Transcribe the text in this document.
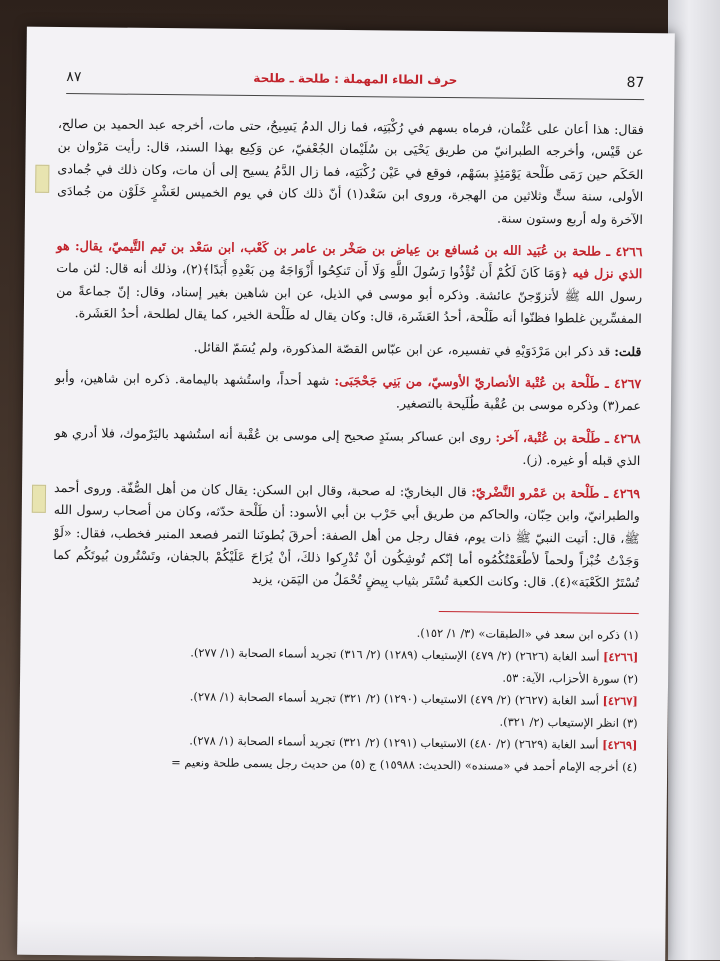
87
حرف الطاء المهملة : طلحة ـ طلحة
٨٧

فقال: هذا أعان على عُثْمان، فرماه بسهم في رُكْبَتِه، فما زال الدمُ يَسِيحُ، حتى مات، أخرجه عبد الحميد بن صالح، عن قَيْس، وأخرجه الطبرانيّ من طريق يَحْيَى بن سُلَيْمان الجُعْفيّ، عن وَكِيع بهذا السند، قال: رأيت مَرْوان بن الحَكَم حين رَمَى طَلْحة يَوْمَئِذٍ بسَهْم، فوقع في عَيْن رُكْبَتِه، فما زال الدَّمُ يسيح إلى أن مات، وكان ذلك في جُمادى الأولى، سنة ستٍّ وثلاثين من الهجرة، وروى ابن سَعْد(١) أنّ ذلك كان في يوم الخميس لعَشْرٍ خَلَوْن من جُمادَى الآخرة وله أربع وستون سنة.

٤٢٦٦ ـ طلحة بن عُبَيد الله بن مُسافع بن عِياض بن صَخْر بن عامر بن كَعْب، ابن سَعْد بن تَيم التَّيميّ، يقال: هو الذي نزل فيه ﴿وَمَا كَانَ لَكُمْ أَن تُؤْذُوا رَسُولَ اللَّهِ وَلَا أَن تَنكِحُوا أَزْوَاجَهُ مِن بَعْدِهِ أَبَدًا﴾(٢)، وذلك أنه قال: لئن مات رسول الله ﷺ لأتزوّجنّ عائشة. وذكره أبو موسى في الذيل، عن ابن شاهين بغير إسناد، وقال: إنّ جماعةً من المفسِّرين غلطوا فظنّوا أنه طَلْحة، أحدُ العَشَرة، قال: وكان يقال له طَلْحة الخير، كما يقال لطلحة، أحدُ العَشَرة.

قلت: قد ذكر ابن مَرْدَوَيْهِ في تفسيره، عن ابن عبّاس القصّة المذكورة، ولم يُسَمّ القائل.

٤٢٦٧ ـ طَلْحة بن عُتْبة الأنصاريّ الأوسيّ، من بَنِي جَحْجَبَى: شهد أحداً، واستُشهد باليمامة. ذكره ابن شاهين، وأبو عمر(٣) وذكره موسى بن عُقْبة طُلَيحة بالتصغير.

٤٢٦٨ ـ طَلْحة بن عُتْبة، آخر: روى ابن عساكر بسنَدٍ صحيح إلى موسى بن عُقْبة أنه استُشهد باليَرْموك، فلا أدري هو الذي قبله أو غيره. (ز).

٤٢٦٩ ـ طَلْحة بن عَمْرو النَّضْريّ: قال البخاريّ: له صحبة، وقال ابن السكن: يقال كان من أهل الصُّفّة. وروى أحمد والطبرانيّ، وابن حِبّان، والحاكم من طريق أبي حَرْب بن أبي الأسود: أن طَلْحة حدّثه، وكان من أصحاب رسول الله ﷺ، قال: أتيت النبيّ ﷺ ذات يوم، فقال رجل من أهل الصفة: أحرقَ بُطونَنا التمر فصعد المنبر فخطب، فقال: «لَوْ وَجَدْتُ خُبْزاً ولحماً لأطْعَمْتُكُمُوه أما إنّكم تُوشِكُون أنْ تُدْرِكوا ذلكَ، أنْ يُرَاحَ عَلَيْكُمْ بالجفان، وتَسْتُرون بُيوتَكُم كما تُسْتَرُ الكَعْبَة»(٤). قال: وكانت الكعبة تُسْتَر بثياب بِيضٍ تُحْمَلُ من اليَمَن، يزيد

(١) ذكره ابن سعد في «الطبقات» (٣/ ١/ ١٥٢).

[٤٢٦٦] أسد الغابة (٢٦٢٦) (٢/ ٤٧٩) الإستيعاب (١٢٨٩) (٢/ ٣١٦) تجريد أسماء الصحابة (١/ ٢٧٧).

(٢) سورة الأحزاب، الآية: ٥٣.

[٤٢٦٧] أسد الغابة (٢٦٢٧) (٢/ ٤٧٩) الاستيعاب (١٢٩٠) (٢/ ٣٢١) تجريد أسماء الصحابة (١/ ٢٧٨).

(٣) انظر الإستيعاب (٢/ ٣٢١).

[٤٢٦٩] أسد الغابة (٢٦٢٩) (٢/ ٤٨٠) الاستيعاب (١٢٩١) (٢/ ٣٢١) تجريد أسماء الصحابة (١/ ٢٧٨).

(٤) أخرجه الإمام أحمد في «مسنده» (الحديث: ١٥٩٨٨) ج (٥) من حديث رجل يسمى طلحة ونعيم =
